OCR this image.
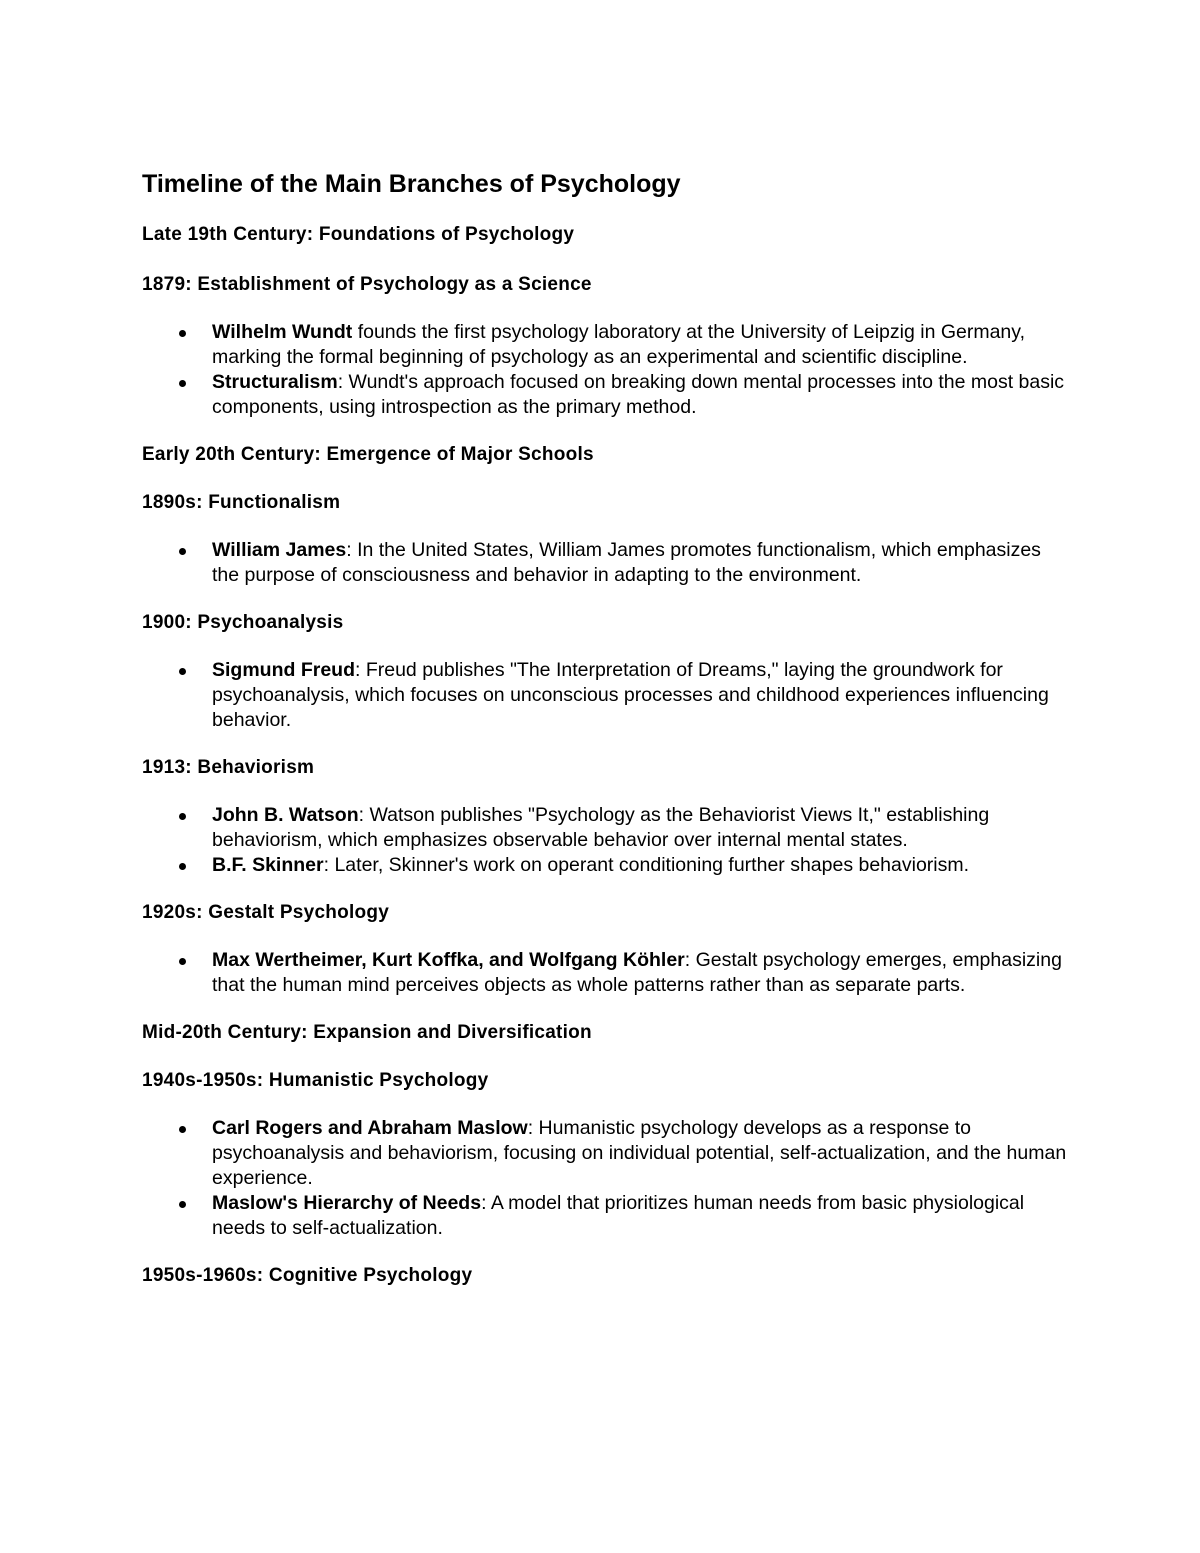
Timeline of the Main Branches of Psychology
Late 19th Century: Foundations of Psychology
1879: Establishment of Psychology as a Science
Wilhelm Wundt founds the first psychology laboratory at the University of Leipzig in Germany, marking the formal beginning of psychology as an experimental and scientific discipline.
Structuralism: Wundt's approach focused on breaking down mental processes into the most basic components, using introspection as the primary method.
Early 20th Century: Emergence of Major Schools
1890s: Functionalism
William James: In the United States, William James promotes functionalism, which emphasizes the purpose of consciousness and behavior in adapting to the environment.
1900: Psychoanalysis
Sigmund Freud: Freud publishes "The Interpretation of Dreams," laying the groundwork for psychoanalysis, which focuses on unconscious processes and childhood experiences influencing behavior.
1913: Behaviorism
John B. Watson: Watson publishes "Psychology as the Behaviorist Views It," establishing behaviorism, which emphasizes observable behavior over internal mental states.
B.F. Skinner: Later, Skinner's work on operant conditioning further shapes behaviorism.
1920s: Gestalt Psychology
Max Wertheimer, Kurt Koffka, and Wolfgang Köhler: Gestalt psychology emerges, emphasizing that the human mind perceives objects as whole patterns rather than as separate parts.
Mid-20th Century: Expansion and Diversification
1940s-1950s: Humanistic Psychology
Carl Rogers and Abraham Maslow: Humanistic psychology develops as a response to psychoanalysis and behaviorism, focusing on individual potential, self-actualization, and the human experience.
Maslow's Hierarchy of Needs: A model that prioritizes human needs from basic physiological needs to self-actualization.
1950s-1960s: Cognitive Psychology
